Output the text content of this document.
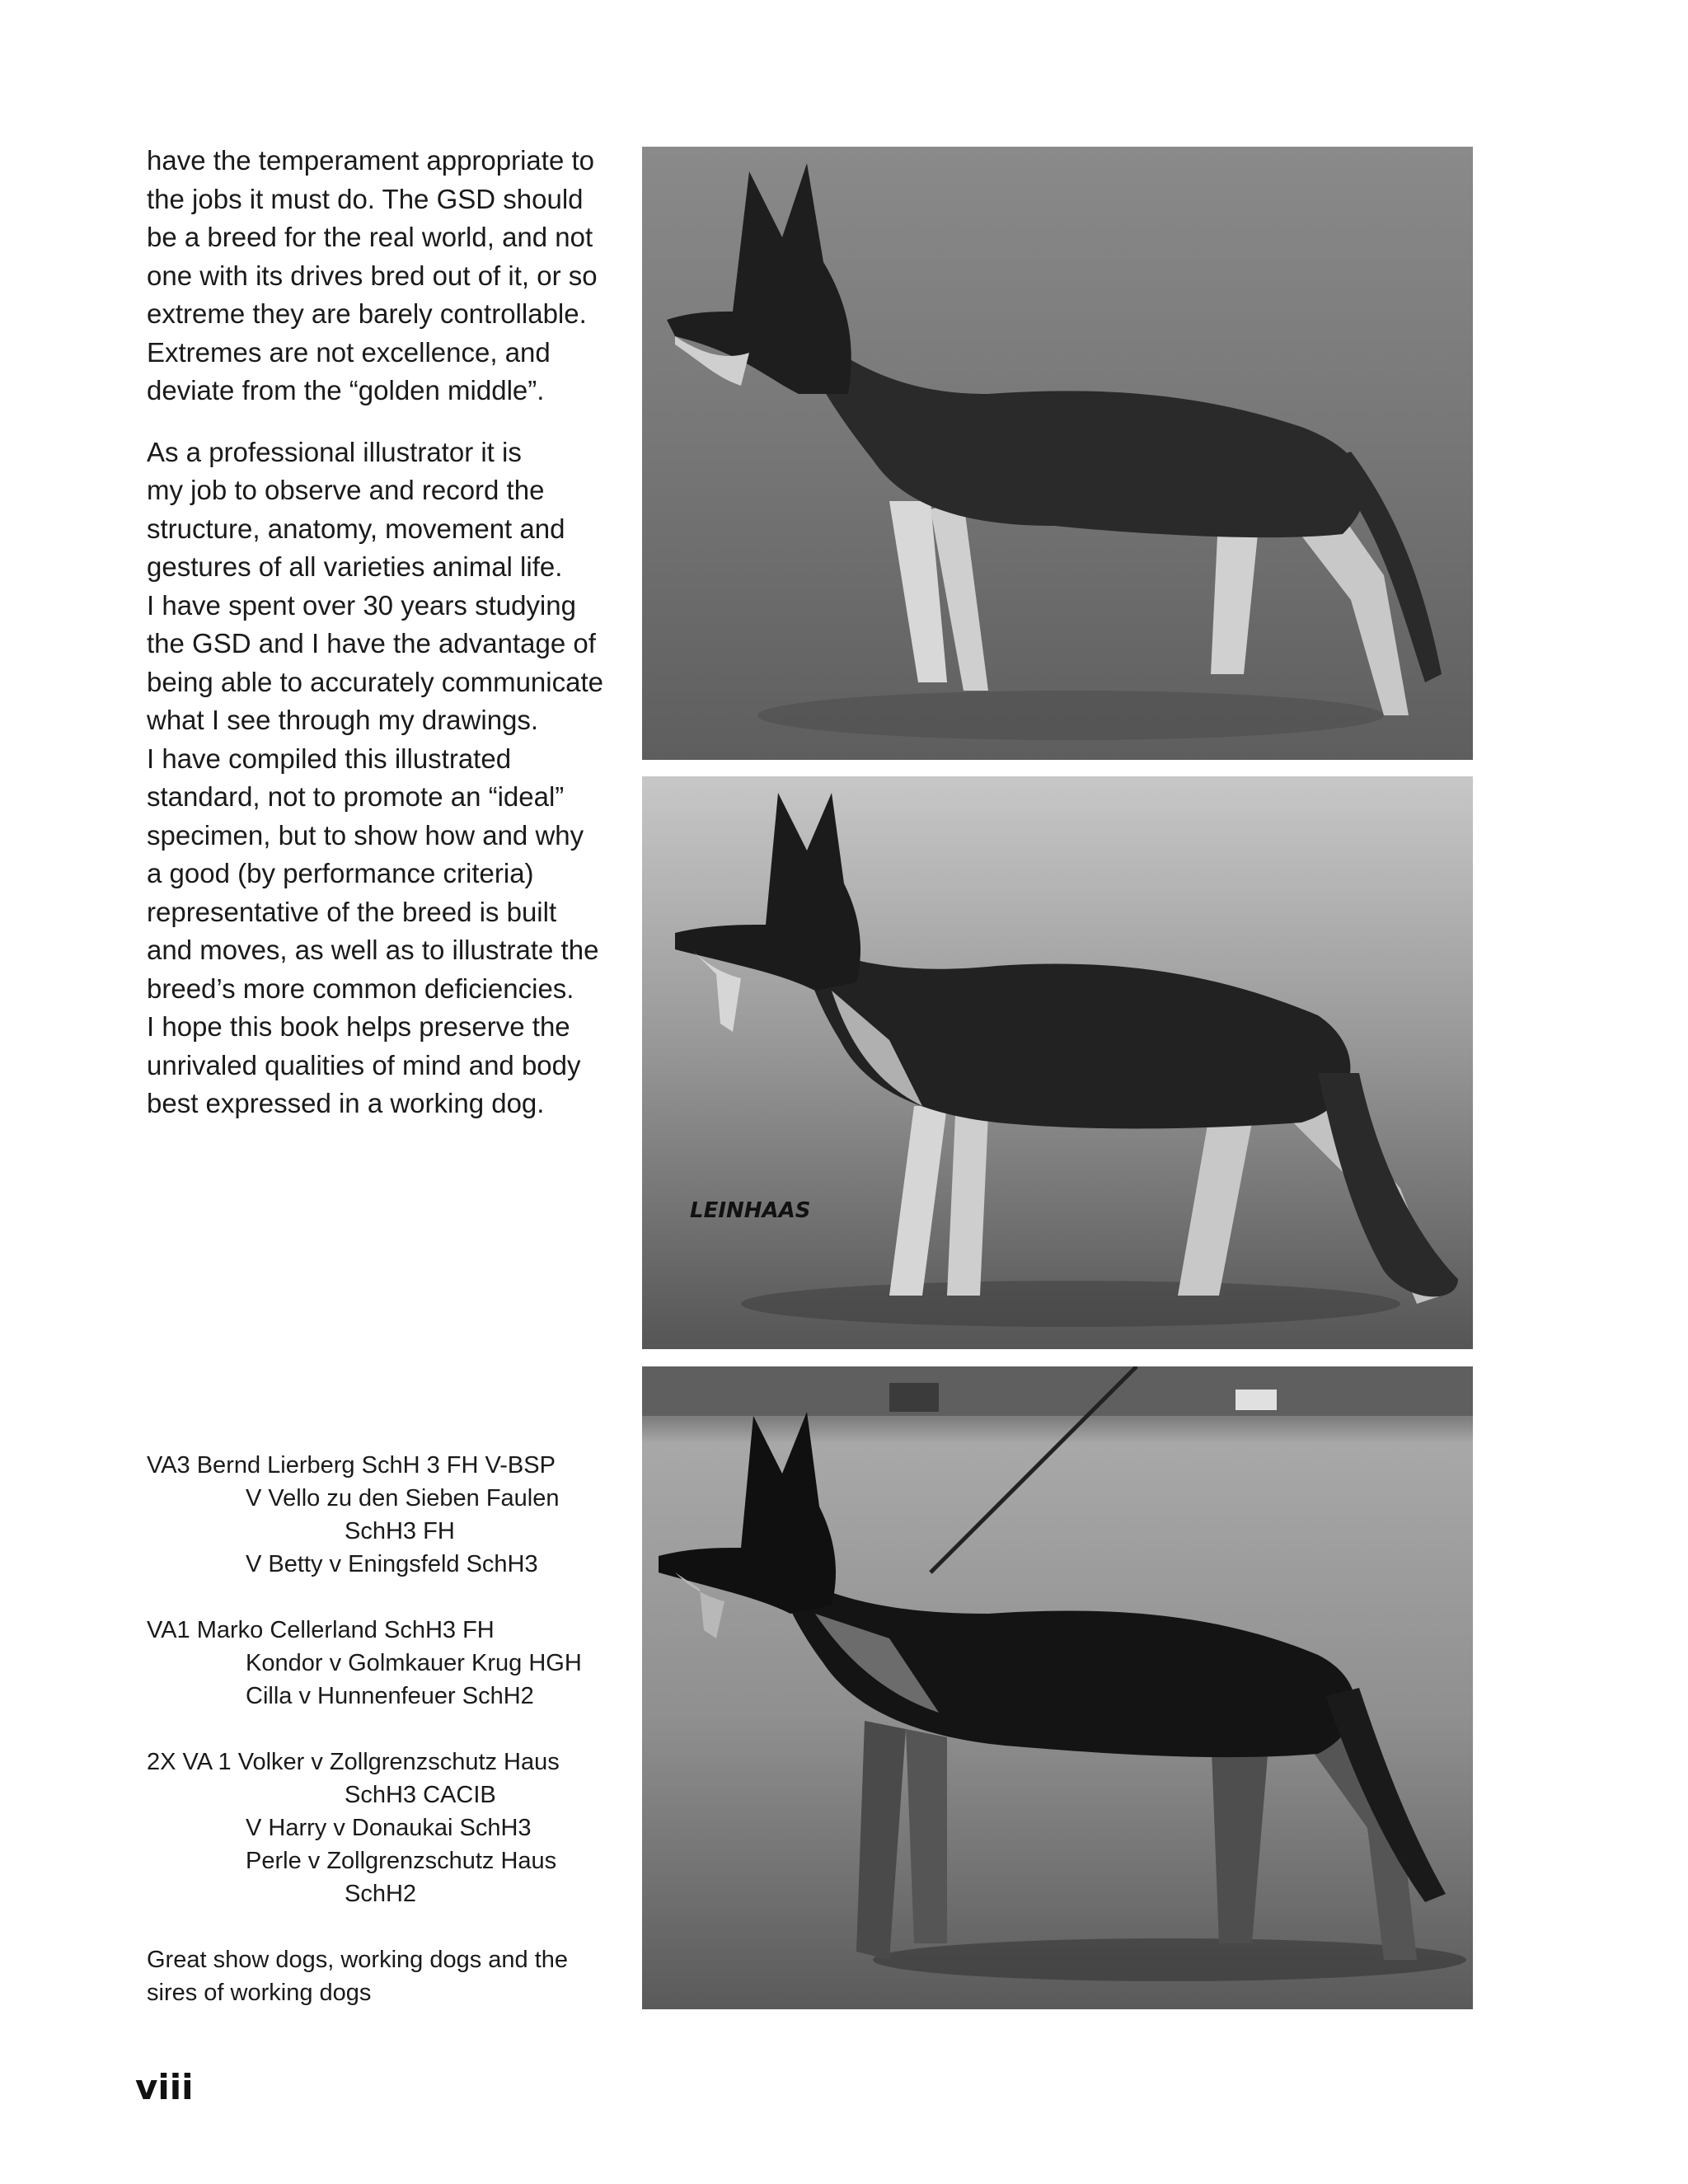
have the temperament appropriate to
the jobs it must do. The GSD should
be a breed for the real world, and not
one with its drives bred out of it, or so
extreme they are barely controllable.
Extremes are not excellence, and
deviate from the “golden middle”.

As a professional illustrator it is
my job to observe and record the
structure, anatomy, movement and
gestures of all varieties animal life.
I have spent over 30 years studying
the GSD and I have the advantage of
being able to accurately communicate
what I see through my drawings.
I have compiled this illustrated
standard, not to promote an “ideal”
specimen, but to show how and why
a good (by performance criteria)
representative of the breed is built
and moves, as well as to illustrate the
breed’s more common deficiencies.
I hope this book helps preserve the
unrivaled qualities of mind and body
best expressed in a working dog.

VA3 Bernd Lierberg SchH 3 FH V-BSP
V Vello zu den Sieben Faulen
SchH3 FH
V Betty v Eningsfeld SchH3
VA1 Marko Cellerland SchH3 FH
Kondor v Golmkauer Krug HGH
Cilla v Hunnenfeuer SchH2
2X VA 1 Volker v Zollgrenzschutz Haus
SchH3 CACIB
V Harry v Donaukai SchH3
Perle v Zollgrenzschutz Haus
SchH2
Great show dogs, working dogs and the
sires of working dogs
viii
LEINHAAS
